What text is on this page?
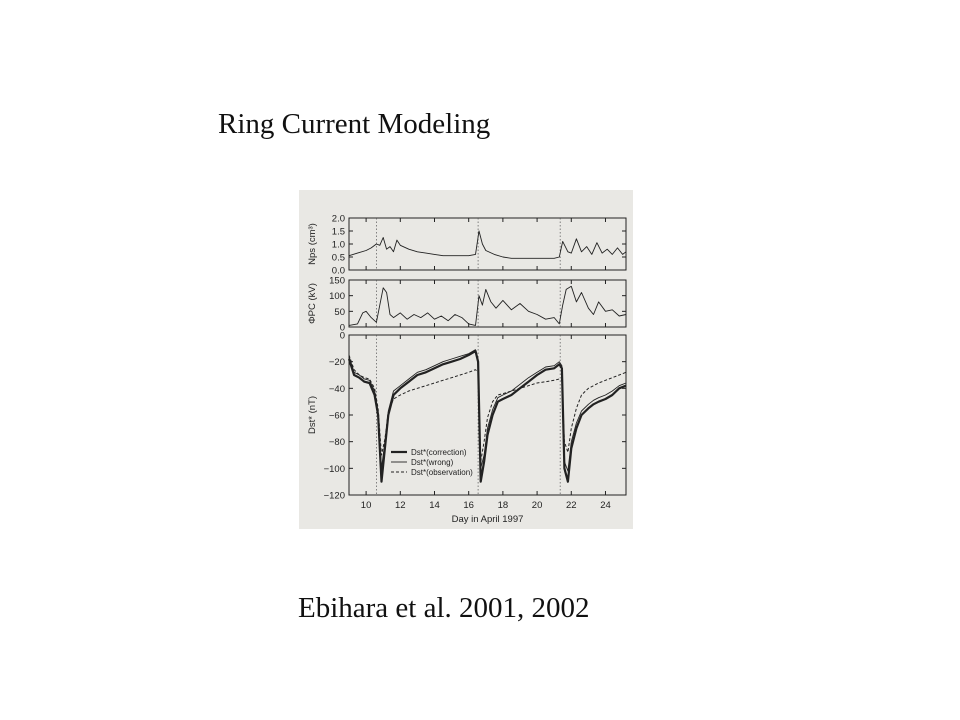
Ring Current Modeling
0.0
0.5
1.0
1.5
2.0
Nps (cm³)
0
50
100
150
ΦPC (kV)
0
−20
−40
−60
−80
−100
−120
Dst* (nT)
Dst*(correction)
Dst*(wrong)
Dst*(observation)
10 12 14 16 18 20 22 24
Day in April 1997
Ebihara et al. 2001, 2002
